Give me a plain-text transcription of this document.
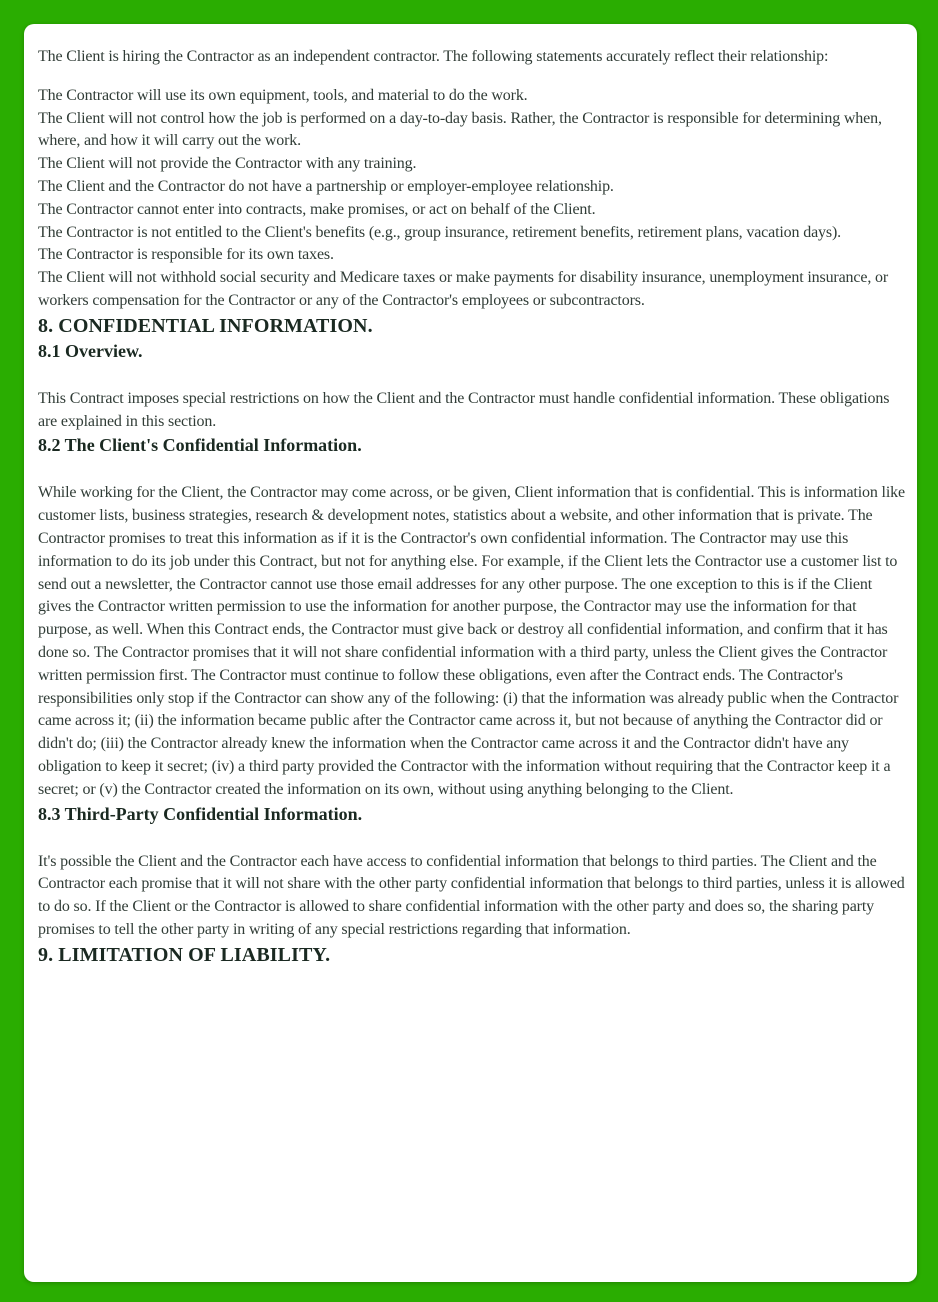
The Client is hiring the Contractor as an independent contractor. The following statements accurately reflect their relationship:

The Contractor will use its own equipment, tools, and material to do the work.
The Client will not control how the job is performed on a day-to-day basis. Rather, the Contractor is responsible for determining when, where, and how it will carry out the work.
The Client will not provide the Contractor with any training.
The Client and the Contractor do not have a partnership or employer-employee relationship.
The Contractor cannot enter into contracts, make promises, or act on behalf of the Client.
The Contractor is not entitled to the Client's benefits (e.g., group insurance, retirement benefits, retirement plans, vacation days).
The Contractor is responsible for its own taxes.
The Client will not withhold social security and Medicare taxes or make payments for disability insurance, unemployment insurance, or workers compensation for the Contractor or any of the Contractor's employees or subcontractors.
8. CONFIDENTIAL INFORMATION.
8.1 Overview.

This Contract imposes special restrictions on how the Client and the Contractor must handle confidential information. These obligations are explained in this section.

8.2 The Client's Confidential Information.

While working for the Client, the Contractor may come across, or be given, Client information that is confidential. This is information like customer lists, business strategies, research & development notes, statistics about a website, and other information that is private. The Contractor promises to treat this information as if it is the Contractor's own confidential information. The Contractor may use this information to do its job under this Contract, but not for anything else. For example, if the Client lets the Contractor use a customer list to send out a newsletter, the Contractor cannot use those email addresses for any other purpose. The one exception to this is if the Client gives the Contractor written permission to use the information for another purpose, the Contractor may use the information for that purpose, as well. When this Contract ends, the Contractor must give back or destroy all confidential information, and confirm that it has done so. The Contractor promises that it will not share confidential information with a third party, unless the Client gives the Contractor written permission first. The Contractor must continue to follow these obligations, even after the Contract ends. The Contractor's responsibilities only stop if the Contractor can show any of the following: (i) that the information was already public when the Contractor came across it; (ii) the information became public after the Contractor came across it, but not because of anything the Contractor did or didn't do; (iii) the Contractor already knew the information when the Contractor came across it and the Contractor didn't have any obligation to keep it secret; (iv) a third party provided the Contractor with the information without requiring that the Contractor keep it a secret; or (v) the Contractor created the information on its own, without using anything belonging to the Client.

8.3 Third-Party Confidential Information.

It's possible the Client and the Contractor each have access to confidential information that belongs to third parties. The Client and the Contractor each promise that it will not share with the other party confidential information that belongs to third parties, unless it is allowed to do so. If the Client or the Contractor is allowed to share confidential information with the other party and does so, the sharing party promises to tell the other party in writing of any special restrictions regarding that information.

9. LIMITATION OF LIABILITY.
